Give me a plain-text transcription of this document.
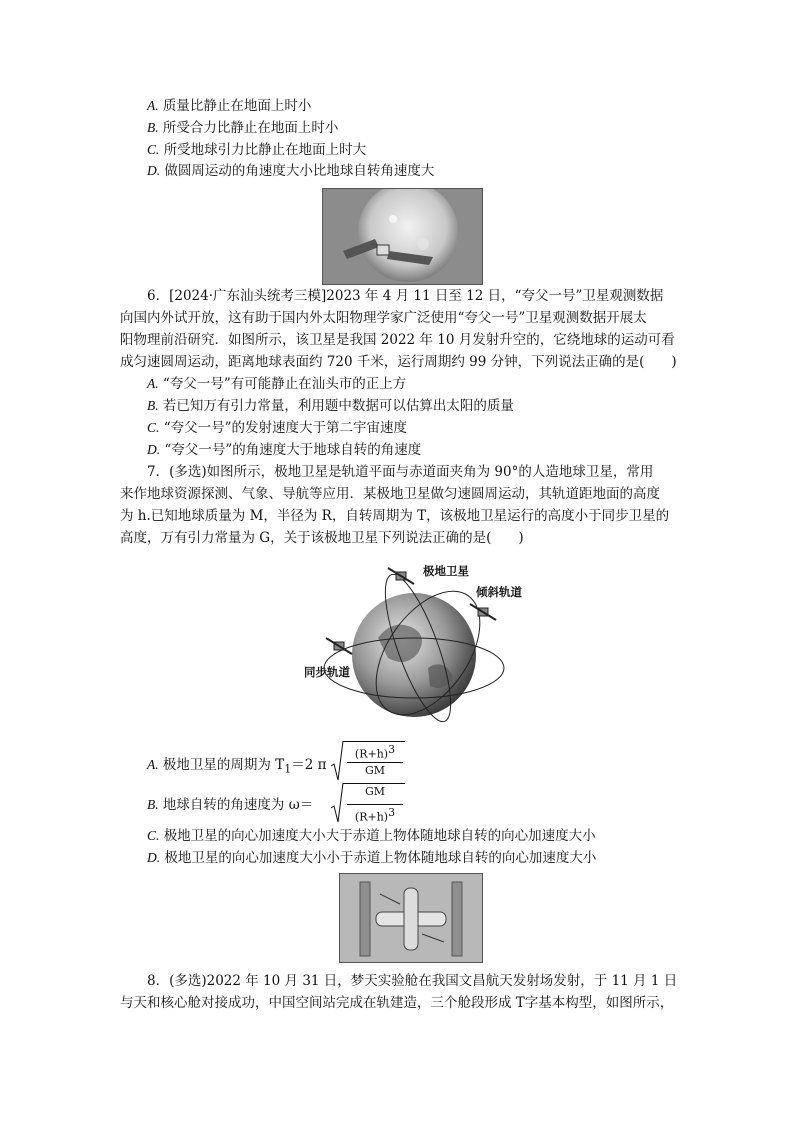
A. 质量比静止在地面上时小
B. 所受合力比静止在地面上时小
C. 所受地球引力比静止在地面上时大
D. 做圆周运动的角速度大小比地球自转角速度大
6．[2024·广东汕头统考三模]2023 年 4 月 11 日至 12 日，“夸父一号”卫星观测数据
向国内外试开放，这有助于国内外太阳物理学家广泛使用“夸父一号”卫星观测数据开展太
阳物理前沿研究．如图所示，该卫星是我国 2022 年 10 月发射升空的，它绕地球的运动可看
成匀速圆周运动，距离地球表面约 720 千米，运行周期约 99 分钟，下列说法正确的是(　　)
A. “夸父一号”有可能静止在汕头市的正上方
B. 若已知万有引力常量，利用题中数据可以估算出太阳的质量
C. “夸父一号”的发射速度大于第二宇宙速度
D. “夸父一号”的角速度大于地球自转的角速度
7．(多选)如图所示，极地卫星是轨道平面与赤道面夹角为 90°的人造地球卫星，常用
来作地球资源探测、气象、导航等应用．某极地卫星做匀速圆周运动，其轨道距地面的高度
为 h.已知地球质量为 M，半径为 R，自转周期为 T，该极地卫星运行的高度小于同步卫星的
高度，万有引力常量为 G，关于该极地卫星下列说法正确的是(　　)
极地卫星
倾斜轨道
同步轨道
A. 极地卫星的周期为 $T_1=2$ π
$(R+h)^3$
GM
B. 地球自转的角速度为 ω＝
GM
$(R+h)^3$
C. 极地卫星的向心加速度大小大于赤道上物体随地球自转的向心加速度大小
D. 极地卫星的向心加速度大小小于赤道上物体随地球自转的向心加速度大小
8．(多选)2022 年 10 月 31 日，梦天实验舱在我国文昌航天发射场发射，于 11 月 1 日
与天和核心舱对接成功，中国空间站完成在轨建造，三个舱段形成 T字基本构型，如图所示，
